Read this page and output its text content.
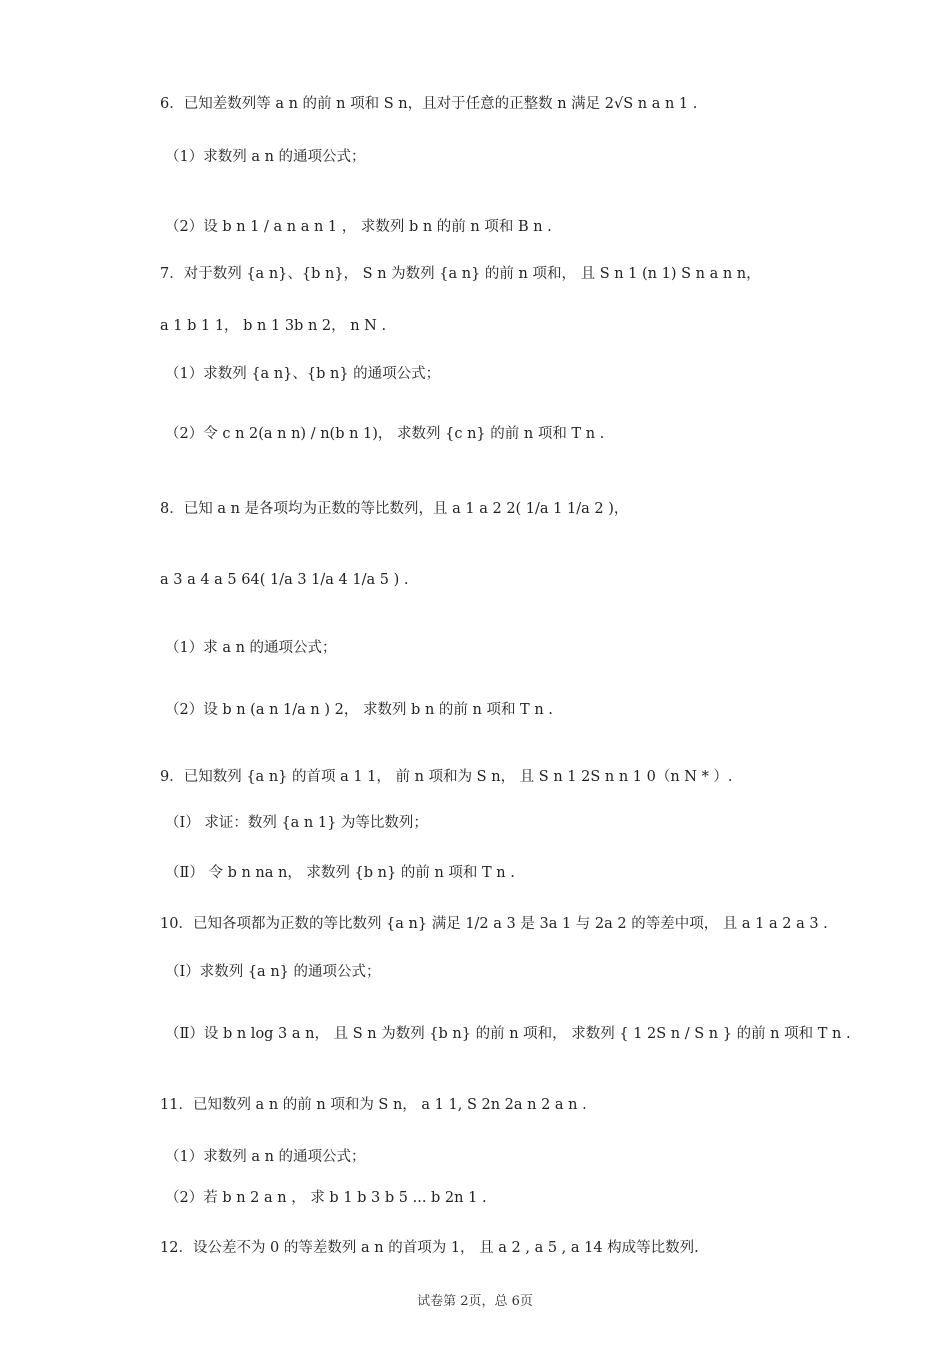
6．已知差数列等 a n 的前 n 项和 S n，且对于任意的正整数 n 满足 2√S n a n 1 .
（1）求数列 a n 的通项公式；
（2）设 b n 1 / a n a n 1 ， 求数列 b n 的前 n 项和 B n .
7．对于数列 {a n}、{b n}， S n 为数列 {a n} 的前 n 项和， 且 S n 1 (n 1) S n a n n，
a 1 b 1 1， b n 1 3b n 2， n N .
（1）求数列 {a n}、{b n} 的通项公式；
（2）令 c n 2(a n n) / n(b n 1)， 求数列 {c n} 的前 n 项和 T n .
8．已知 a n 是各项均为正数的等比数列，且 a 1 a 2 2( 1/a 1 1/a 2 )，
a 3 a 4 a 5 64( 1/a 3 1/a 4 1/a 5 ) .
（1）求 a n 的通项公式；
（2）设 b n (a n 1/a n ) 2， 求数列 b n 的前 n 项和 T n .
9．已知数列 {a n} 的首项 a 1 1， 前 n 项和为 S n， 且 S n 1 2S n n 1 0（n N * ）.
（Ⅰ） 求证：数列 {a n 1} 为等比数列；
（Ⅱ） 令 b n na n， 求数列 {b n} 的前 n 项和 T n .
10．已知各项都为正数的等比数列 {a n} 满足 1/2 a 3 是 3a 1 与 2a 2 的等差中项， 且 a 1 a 2 a 3 .
（Ⅰ）求数列 {a n} 的通项公式；
（Ⅱ）设 b n log 3 a n， 且 S n 为数列 {b n} 的前 n 项和， 求数列 { 1 2S n / S n } 的前 n 项和 T n .
11．已知数列 a n 的前 n 项和为 S n， a 1 1, S 2n 2a n 2 a n .
（1）求数列 a n 的通项公式；
（2）若 b n 2 a n ， 求 b 1 b 3 b 5 ... b 2n 1 .
12．设公差不为 0 的等差数列 a n 的首项为 1， 且 a 2 , a 5 , a 14 构成等比数列.
试卷第 2页，总 6页
